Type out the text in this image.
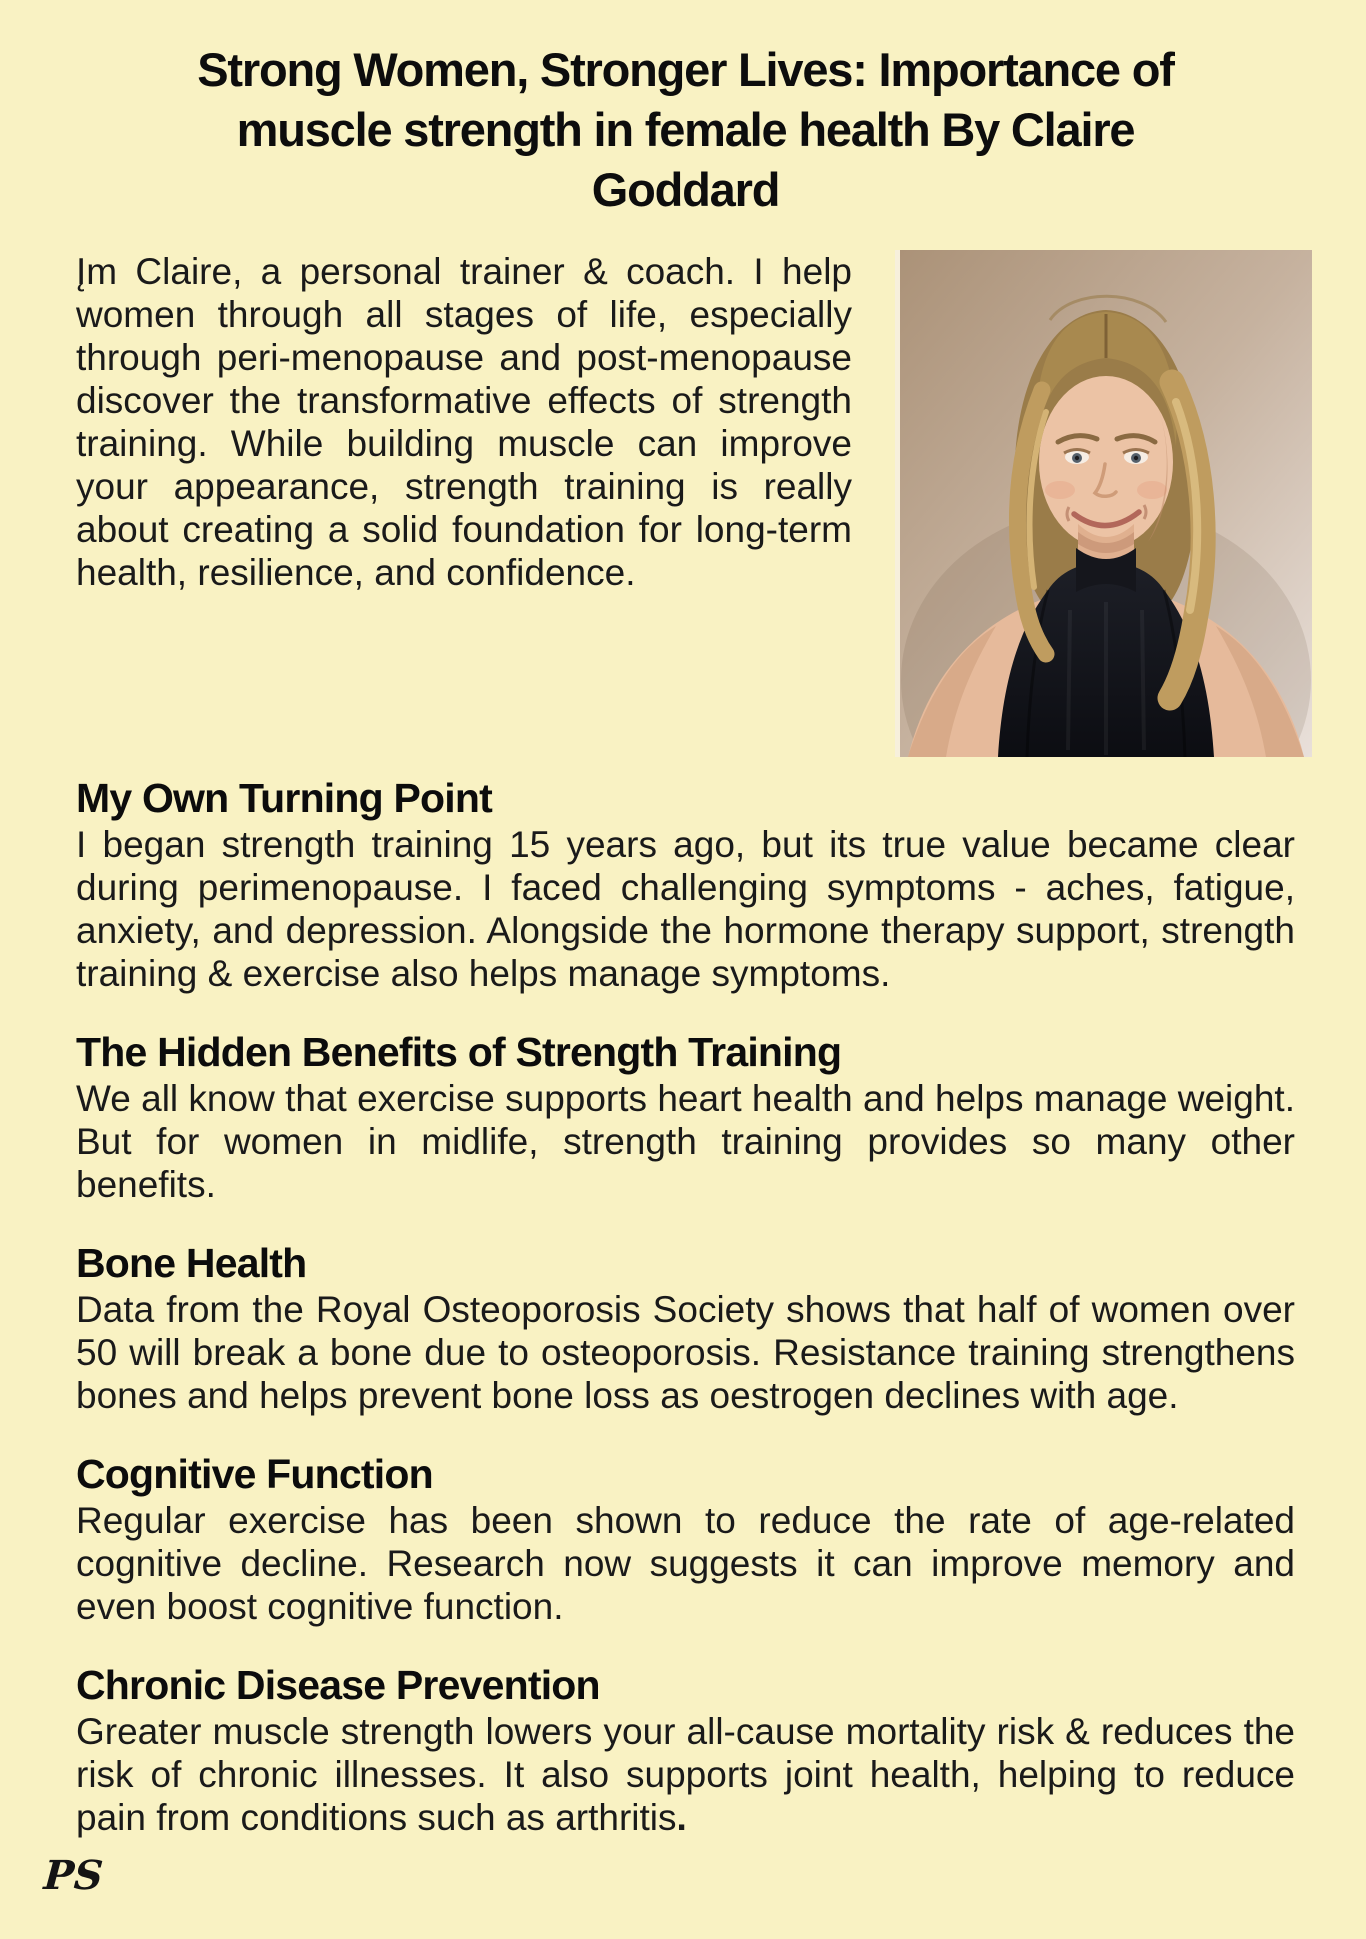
Strong Women, Stronger Lives: Importance of muscle strength in female health By Claire Goddard

Įm Claire, a personal trainer & coach. I help women through all stages of life, especially through peri-menopause and post-menopause discover the transformative effects of strength training. While building muscle can improve your appearance, strength training is really about creating a solid foundation for long-term health, resilience, and confidence.

My Own Turning Point

I began strength training 15 years ago, but its true value became clear during perimenopause. I faced challenging symptoms - aches, fatigue, anxiety, and depression. Alongside the hormone therapy support, strength training & exercise also helps manage symptoms.

The Hidden Benefits of Strength Training

We all know that exercise supports heart health and helps manage weight. But for women in midlife, strength training provides so many other benefits.

Bone Health

Data from the Royal Osteoporosis Society shows that half of women over 50 will break a bone due to osteoporosis. Resistance training strengthens bones and helps prevent bone loss as oestrogen declines with age.

Cognitive Function

Regular exercise has been shown to reduce the rate of age-related cognitive decline. Research now suggests it can improve memory and even boost cognitive function.

Chronic Disease Prevention

Greater muscle strength lowers your all-cause mortality risk & reduces the risk of chronic illnesses. It also supports joint health, helping to reduce pain from conditions such as arthritis.

PS
